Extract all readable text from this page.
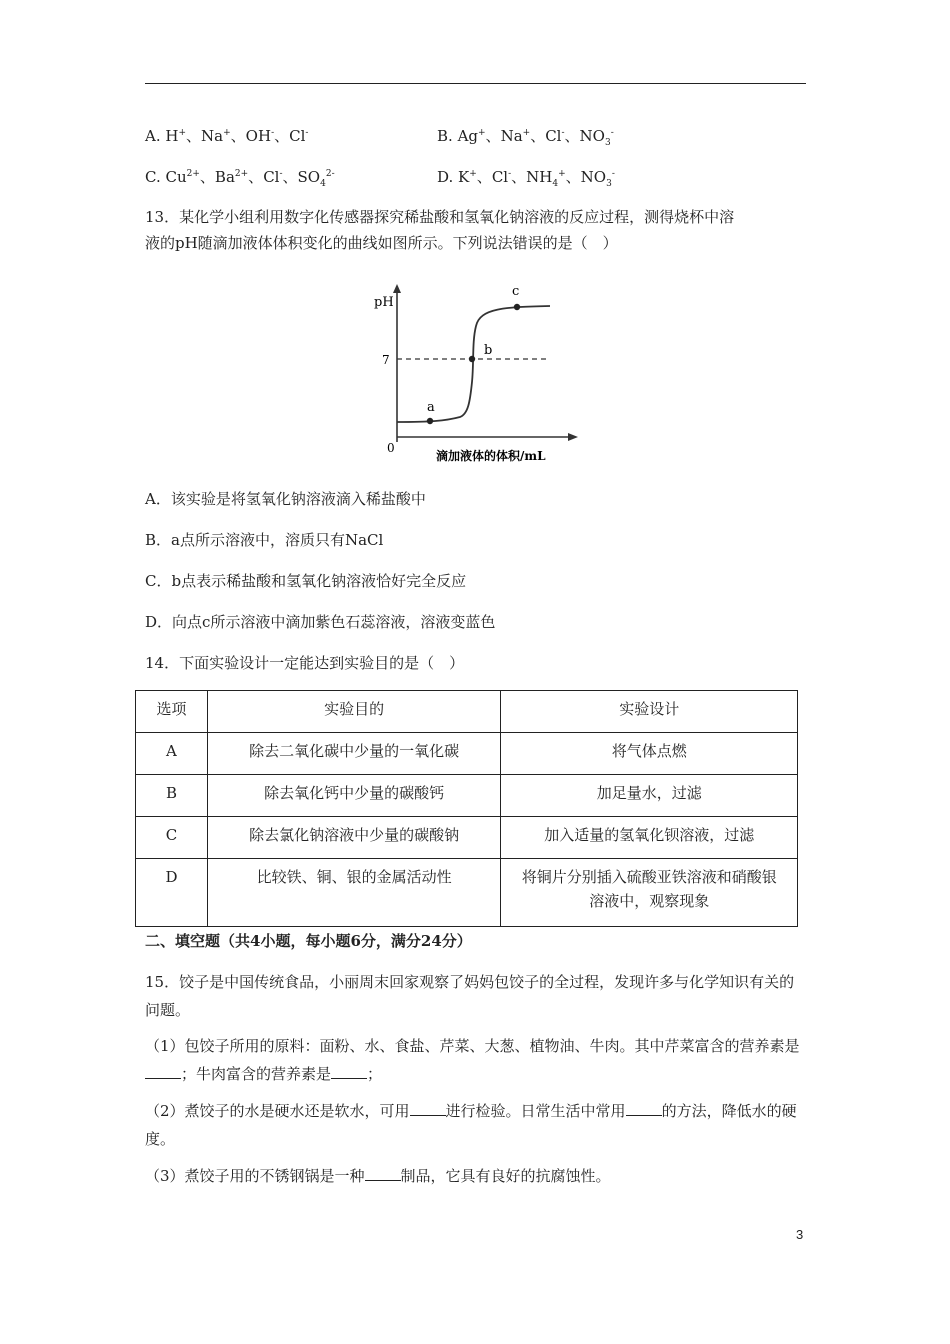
A. H+、Na+、OH-、Cl-	B. Ag+、Na+、Cl-、$NO_3^-$
C. $Cu^{2+}$、$Ba^{2+}$、Cl-、$SO_4^{2-}$	D. K+、Cl-、$NH_4^+$、$NO_3^-$
13．某化学小组利用数字化传感器探究稀盐酸和氢氧化钠溶液的反应过程，测得烧杯中溶
液的pH随滴加液体体积变化的曲线如图所示。下列说法错误的是（　）
pH
7
0
a
b
c
滴加液体的体积/mL
A．该实验是将氢氧化钠溶液滴入稀盐酸中
B．a点所示溶液中，溶质只有NaCl
C．b点表示稀盐酸和氢氧化钠溶液恰好完全反应
D．向点c所示溶液中滴加紫色石蕊溶液，溶液变蓝色
14．下面实验设计一定能达到实验目的是（　）
选项	实验目的	实验设计
A	除去二氧化碳中少量的一氧化碳	将气体点燃
B	除去氧化钙中少量的碳酸钙	加足量水，过滤
C	除去氯化钠溶液中少量的碳酸钠	加入适量的氢氧化钡溶液，过滤
D	比较铁、铜、银的金属活动性	将铜片分别插入硫酸亚铁溶液和硝酸银溶液中，观察现象
二、填空题（共4小题，每小题6分，满分24分）
15．饺子是中国传统食品，小丽周末回家观察了妈妈包饺子的全过程，发现许多与化学知识有关的问题。
（1）包饺子所用的原料：面粉、水、食盐、芹菜、大葱、植物油、牛肉。其中芹菜富含的营养素是；牛肉富含的营养素是 ；
（2）煮饺子的水是硬水还是软水，可用 进行检验。日常生活中常用 的方法，降低水的硬度。
（3）煮饺子用的不锈钢锅是一种 制品，它具有良好的抗腐蚀性。
3
